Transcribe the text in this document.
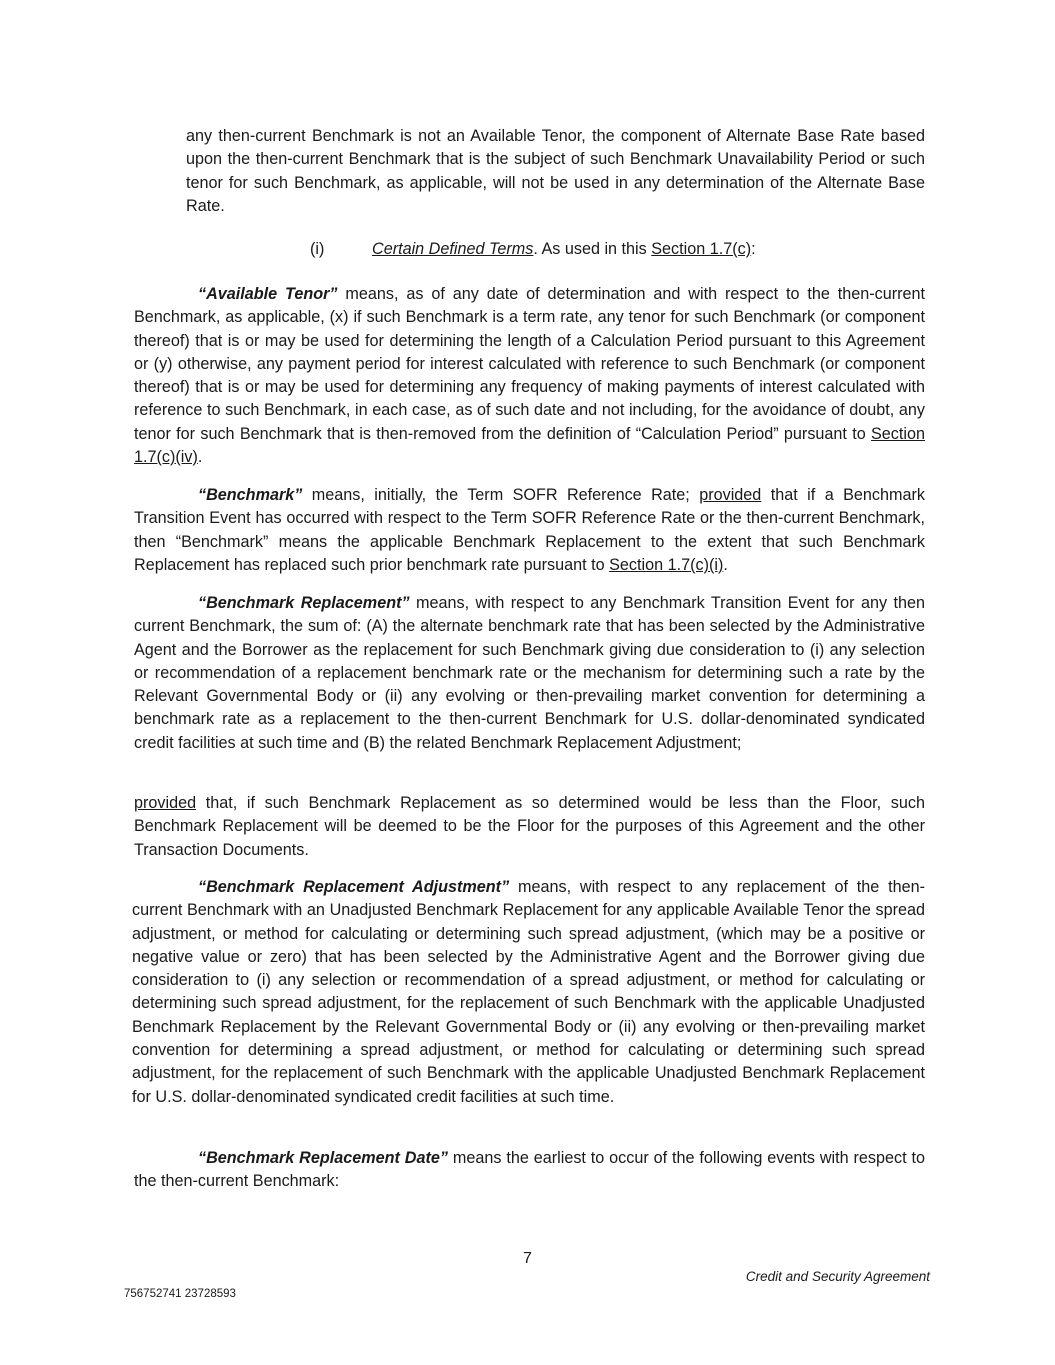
any then-current Benchmark is not an Available Tenor, the component of Alternate Base Rate based upon the then-current Benchmark that is the subject of such Benchmark Unavailability Period or such tenor for such Benchmark, as applicable, will not be used in any determination of the Alternate Base Rate.

(i)	Certain Defined Terms. As used in this Section 1.7(c):

“Available Tenor” means, as of any date of determination and with respect to the then-current Benchmark, as applicable, (x) if such Benchmark is a term rate, any tenor for such Benchmark (or component thereof) that is or may be used for determining the length of a Calculation Period pursuant to this Agreement or (y) otherwise, any payment period for interest calculated with reference to such Benchmark (or component thereof) that is or may be used for determining any frequency of making payments of interest calculated with reference to such Benchmark, in each case, as of such date and not including, for the avoidance of doubt, any tenor for such Benchmark that is then-removed from the definition of “Calculation Period” pursuant to Section 1.7(c)(iv).

“Benchmark” means, initially, the Term SOFR Reference Rate; provided that if a Benchmark Transition Event has occurred with respect to the Term SOFR Reference Rate or the then-current Benchmark, then “Benchmark” means the applicable Benchmark Replacement to the extent that such Benchmark Replacement has replaced such prior benchmark rate pursuant to Section 1.7(c)(i).

“Benchmark Replacement” means, with respect to any Benchmark Transition Event for any then current Benchmark, the sum of: (A) the alternate benchmark rate that has been selected by the Administrative Agent and the Borrower as the replacement for such Benchmark giving due consideration to (i) any selection or recommendation of a replacement benchmark rate or the mechanism for determining such a rate by the Relevant Governmental Body or (ii) any evolving or then-prevailing market convention for determining a benchmark rate as a replacement to the then-current Benchmark for U.S. dollar-denominated syndicated credit facilities at such time and (B) the related Benchmark Replacement Adjustment;

provided that, if such Benchmark Replacement as so determined would be less than the Floor, such Benchmark Replacement will be deemed to be the Floor for the purposes of this Agreement and the other Transaction Documents.

“Benchmark Replacement Adjustment” means, with respect to any replacement of the then-current Benchmark with an Unadjusted Benchmark Replacement for any applicable Available Tenor the spread adjustment, or method for calculating or determining such spread adjustment, (which may be a positive or negative value or zero) that has been selected by the Administrative Agent and the Borrower giving due consideration to (i) any selection or recommendation of a spread adjustment, or method for calculating or determining such spread adjustment, for the replacement of such Benchmark with the applicable Unadjusted Benchmark Replacement by the Relevant Governmental Body or (ii) any evolving or then-prevailing market convention for determining a spread adjustment, or method for calculating or determining such spread adjustment, for the replacement of such Benchmark with the applicable Unadjusted Benchmark Replacement for U.S. dollar-denominated syndicated credit facilities at such time.

“Benchmark Replacement Date” means the earliest to occur of the following events with respect to the then-current Benchmark:

7
Credit and Security Agreement
756752741 23728593
